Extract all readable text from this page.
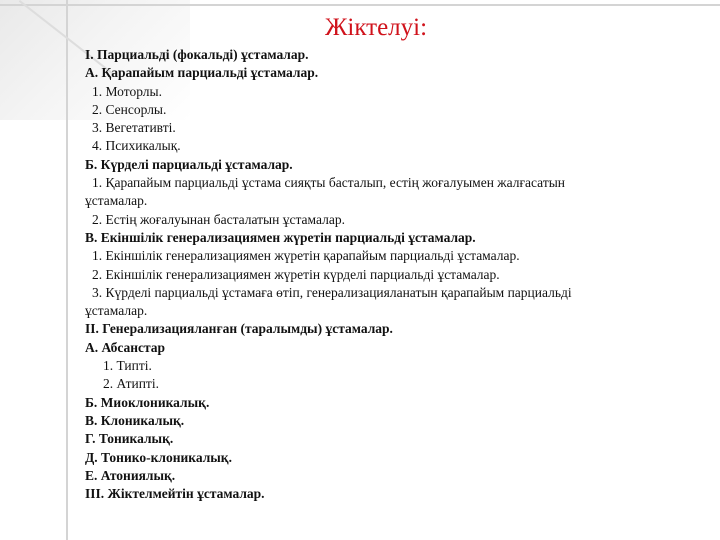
Жіктелуі:
І. Парциальді (фокальді) ұстамалар.
А. Қарапайым парциальді ұстамалар.
1. Моторлы.
2. Сенсорлы.
3. Вегетативті.
4. Психикалық.
Б. Күрделі парциальді ұстамалар.
1. Қарапайым парциальді ұстама сияқты басталып, естің жоғалуымен жалғасатын
ұстамалар.
2. Естің жоғалуынан басталатын ұстамалар.
В. Екіншілік генерализациямен жүретін парциальді ұстамалар.
1. Екіншілік генерализациямен жүретін қарапайым парциальді ұстамалар.
2. Екіншілік генерализациямен жүретін күрделі парциальді ұстамалар.
3. Күрделі парциальді ұстамаға өтіп, генерализацияланатын қарапайым парциальді
ұстамалар.
ІІ. Генерализацияланған (таралымды) ұстамалар.
А. Абсанстар
1. Типті.
2. Атипті.
Б. Миоклоникалық.
В. Клоникалық.
Г. Тоникалық.
Д. Тонико-клоникалық.
Е. Атониялық.
ІІІ. Жіктелмейтін ұстамалар.
